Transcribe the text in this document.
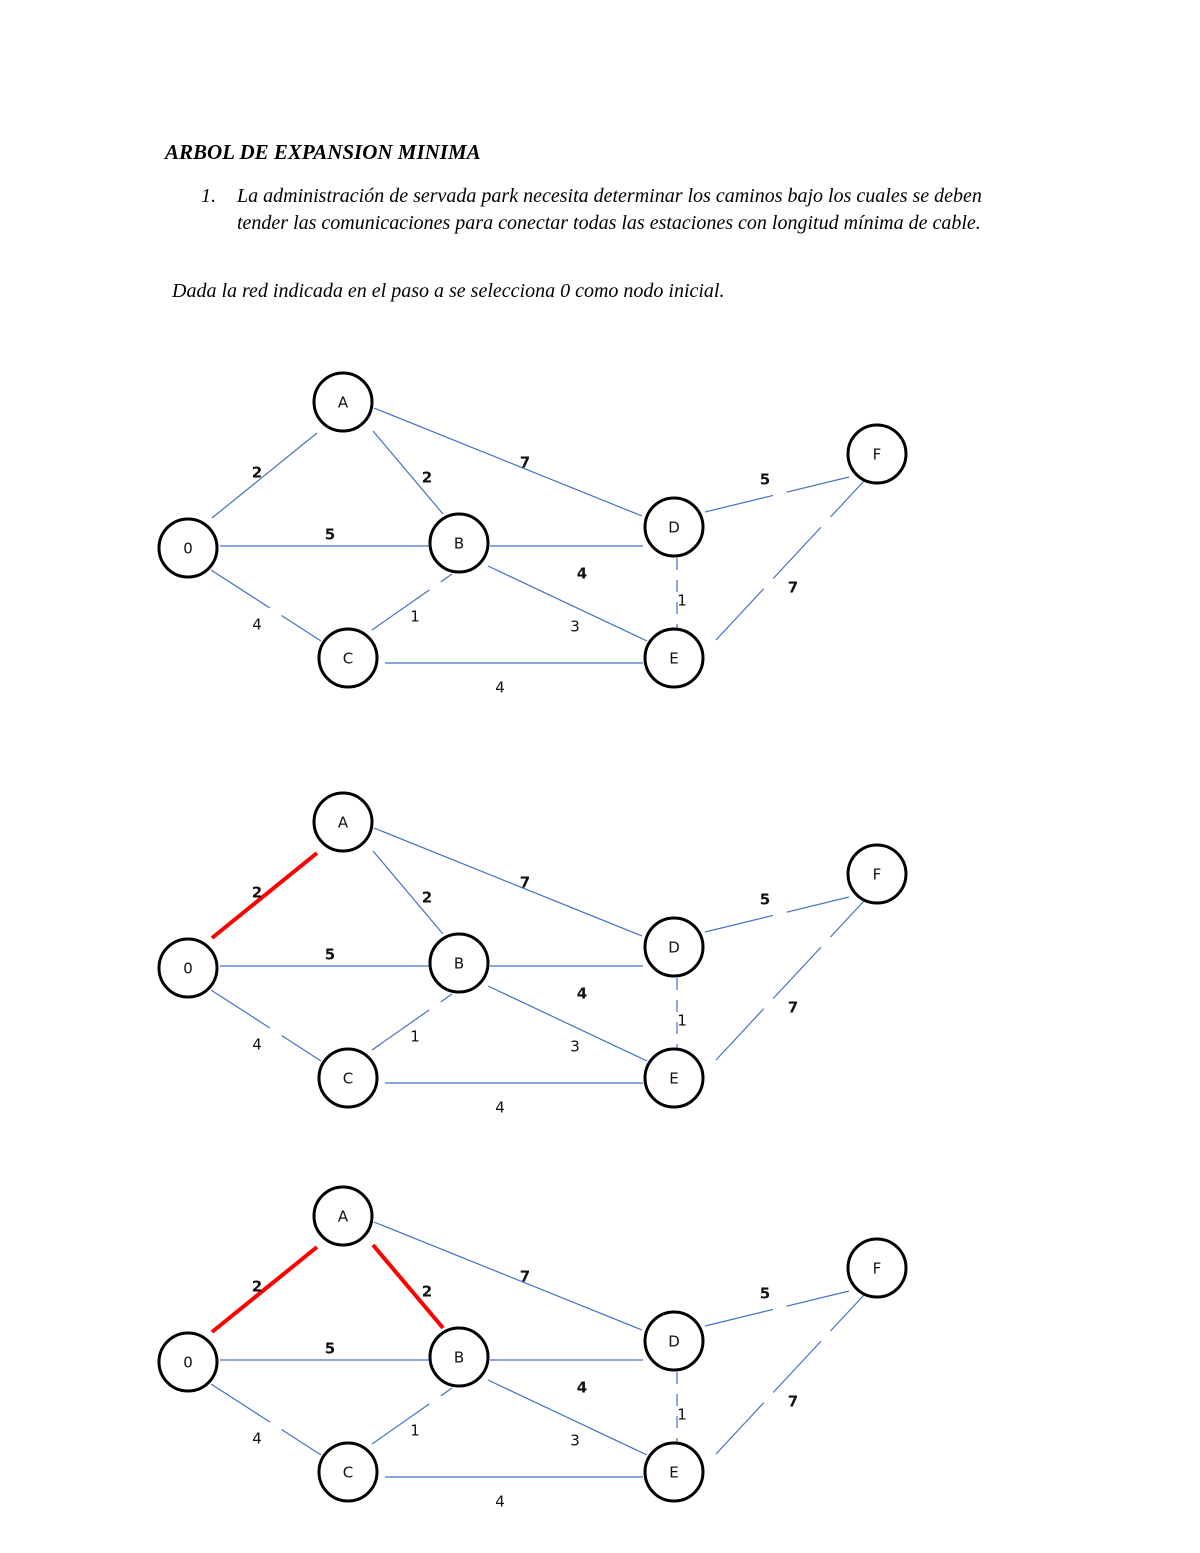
ARBOL DE EXPANSION MINIMA
1. La administración de servada park necesita determinar los caminos bajo los cuales se deben tender las comunicaciones para conectar todas las estaciones con longitud mínima de cable.
Dada la red indicada en el paso a se selecciona 0 como nodo inicial.
2
5
4
2
7
1
4
3
4
1
5
7
0
A
B
C
D
E
F
2
5
4
2
7
1
4
3
4
1
5
7
0
A
B
C
D
E
F
2
5
4
2
7
1
4
3
4
1
5
7
0
A
B
C
D
E
F
